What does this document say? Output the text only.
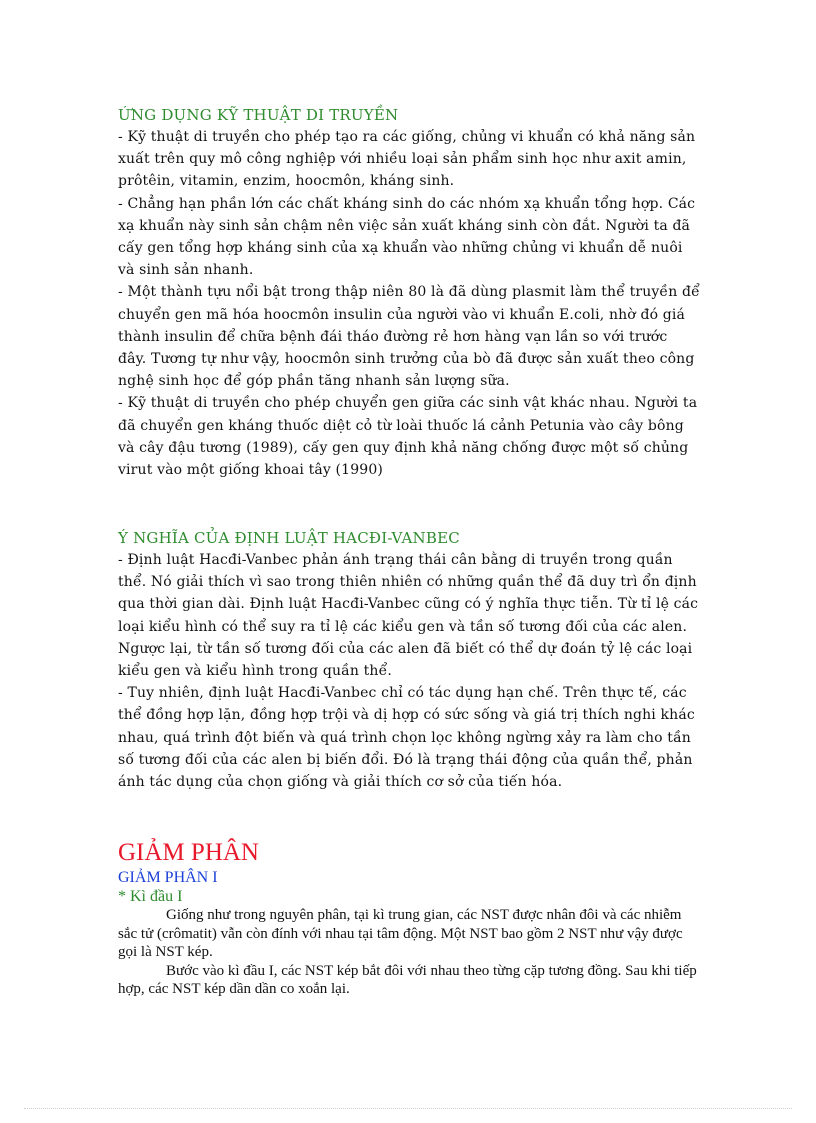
ỨNG DỤNG KỸ THUẬT DI TRUYỀN

- Kỹ thuật di truyền cho phép tạo ra các giống, chủng vi khuẩn có khả năng sản xuất trên quy mô công nghiệp với nhiều loại sản phẩm sinh học như axit amin, prôtêin, vitamin, enzim, hoocmôn, kháng sinh.

- Chẳng hạn phần lớn các chất kháng sinh do các nhóm xạ khuẩn tổng hợp. Các xạ khuẩn này sinh sản chậm nên việc sản xuất kháng sinh còn đắt. Người ta đã cấy gen tổng hợp kháng sinh của xạ khuẩn vào những chủng vi khuẩn dễ nuôi và sinh sản nhanh.

- Một thành tựu nổi bật trong thập niên 80 là đã dùng plasmit làm thể truyền để chuyển gen mã hóa hoocmôn insulin của người vào vi khuẩn E.coli, nhờ đó giá thành insulin để chữa bệnh đái tháo đường rẻ hơn hàng vạn lần so với trước đây. Tương tự như vậy, hoocmôn sinh trưởng của bò đã được sản xuất theo công nghệ sinh học để góp phần tăng nhanh sản lượng sữa.

- Kỹ thuật di truyền cho phép chuyển gen giữa các sinh vật khác nhau. Người ta đã chuyển gen kháng thuốc diệt cỏ từ loài thuốc lá cảnh Petunia vào cây bông và cây đậu tương (1989), cấy gen quy định khả năng chống được một số chủng virut vào một giống khoai tây (1990)

Ý NGHĨA CỦA ĐỊNH LUẬT HACĐI-VANBEC

- Định luật Hacđi-Vanbec phản ánh trạng thái cân bằng di truyền trong quần thể. Nó giải thích vì sao trong thiên nhiên có những quần thể đã duy trì ổn định qua thời gian dài. Định luật Hacđi-Vanbec cũng có ý nghĩa thực tiễn. Từ tỉ lệ các loại kiểu hình có thể suy ra tỉ lệ các kiểu gen và tần số tương đối của các alen. Ngược lại, từ tần số tương đối của các alen đã biết có thể dự đoán tỷ lệ các loại kiểu gen và kiểu hình trong quần thể.

- Tuy nhiên, định luật Hacđi-Vanbec chỉ có tác dụng hạn chế. Trên thực tế, các thể đồng hợp lặn, đồng hợp trội và dị hợp có sức sống và giá trị thích nghi khác nhau, quá trình đột biến và quá trình chọn lọc không ngừng xảy ra làm cho tần số tương đối của các alen bị biến đổi. Đó là trạng thái động của quần thể, phản ánh tác dụng của chọn giống và giải thích cơ sở của tiến hóa.

GIẢM PHÂN
GIẢM PHÂN I
* Kì đầu I

Giống như trong nguyên phân, tại kì trung gian, các NST được nhân đôi và các nhiễm sắc tử (crômatit) vẫn còn đính với nhau tại tâm động. Một NST bao gồm 2 NST như vậy được gọi là NST kép.

Bước vào kì đầu I, các NST kép bắt đôi với nhau theo từng cặp tương đồng. Sau khi tiếp hợp, các NST kép dần dần co xoắn lại.
